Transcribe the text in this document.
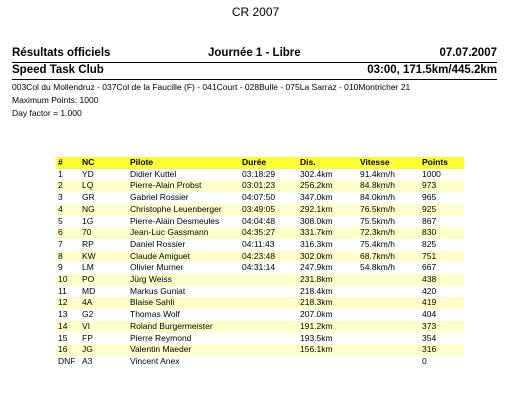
CR 2007
Résultats officiels	Journée 1 - Libre	07.07.2007
Speed Task Club	03:00, 171.5km/445.2km
003Col du Mollendruz - 037Col de la Faucille (F) - 041Court - 028Bulle - 075La Sarraz - 010Montricher 21
Maximum Points: 1000
Day factor = 1.000
#	NC	Pilote	Durée	Dis.	Vitesse	Points
1	YD	Didier Kuttel	03:18:29	302.4km	91.4km/h	1000
2	LQ	Pierre-Alain Probst	03:01:23	256.2km	84.8km/h	973
3	GR	Gabriel Rossier	04:07:50	347.0km	84.0km/h	965
4	NG	Christophe Leuenberger	03:49:05	292.1km	76.5km/h	925
5	1G	Pierre-Alain Desmeules	04:04:48	308.0km	75.5km/h	867
6	70	Jean-Luc Gassmann	04:35:27	331.7km	72.3km/h	830
7	RP	Daniel Rossier	04:11:43	316.3km	75.4km/h	825
8	KW	Claude Amiguet	04:23:48	302.0km	68.7km/h	751
9	LM	Olivier Murner	04:31:14	247.9km	54.8km/h	667
10	PO	Jürg Weiss		231.8km		438
11	MD	Markus Guniat		218.4km		420
12	4A	Blaise Sahli		218.3km		419
13	G2	Thomas Wolf		207.0km		404
14	VI	Roland Burgermeister		191.2km		373
15	FP	Pierre Reymond		193.5km		354
16	JG	Valentin Maeder		156.1km		316
DNF	A3	Vincent Anex				0
